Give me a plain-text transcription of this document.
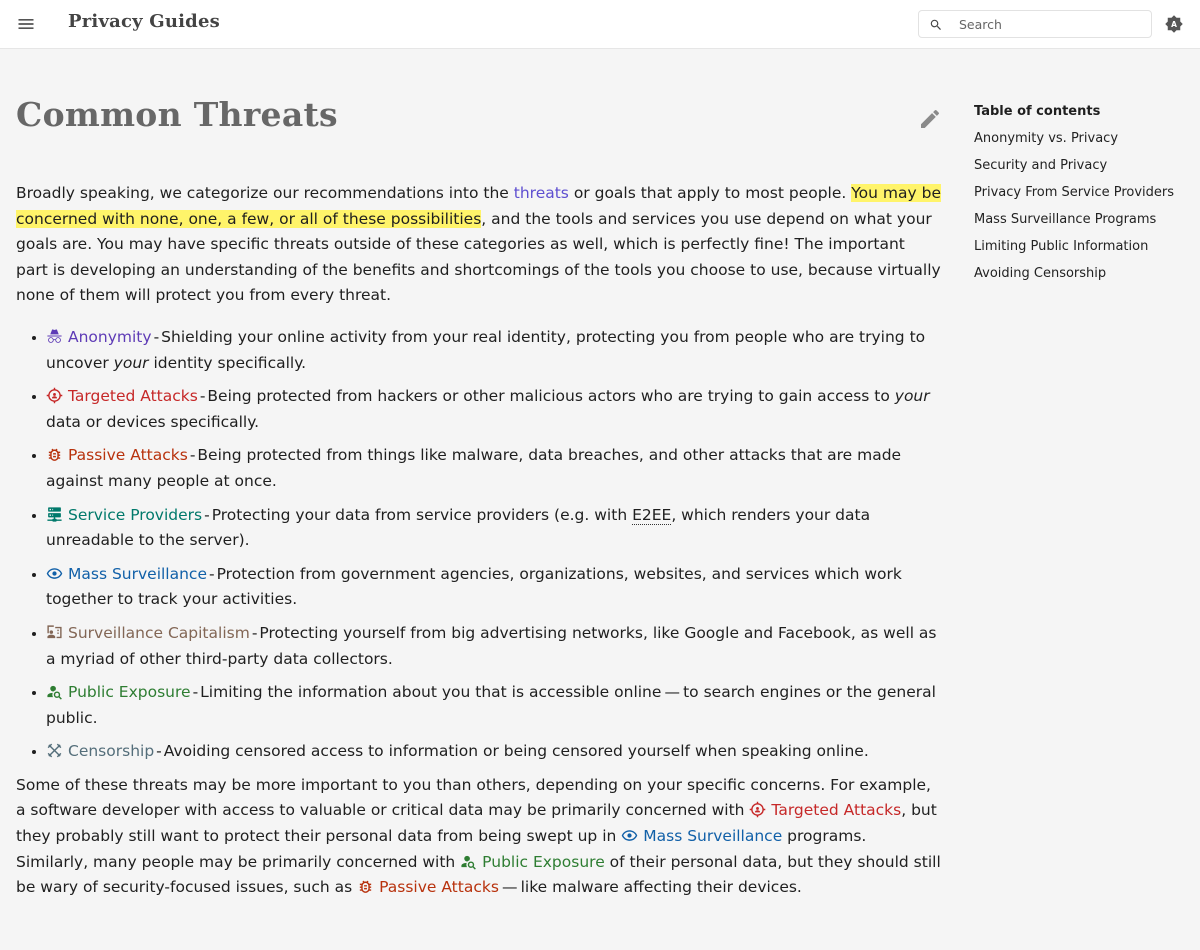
Privacy Guides
Search	A
Common Threats

Broadly speaking, we categorize our recommendations into the threats or goals that apply to most people. You may be concerned with none, one, a few, or all of these possibilities, and the tools and services you use depend on what your goals are. You may have specific threats outside of these categories as well, which is perfectly fine! The important part is developing an understanding of the benefits and shortcomings of the tools you choose to use, because virtually none of them will protect you from every threat.

Anonymity - Shielding your online activity from your real identity, protecting you from people who are trying to uncover your identity specifically.
Targeted Attacks - Being protected from hackers or other malicious actors who are trying to gain access to your data or devices specifically.
Passive Attacks - Being protected from things like malware, data breaches, and other attacks that are made against many people at once.
Service Providers - Protecting your data from service providers (e.g. with E2EE, which renders your data unreadable to the server).
Mass Surveillance - Protection from government agencies, organizations, websites, and services which work together to track your activities.
Surveillance Capitalism - Protecting yourself from big advertising networks, like Google and Facebook, as well as a myriad of other third-party data collectors.
Public Exposure - Limiting the information about you that is accessible online — to search engines or the general public.
Censorship - Avoiding censored access to information or being censored yourself when speaking online.

Some of these threats may be more important to you than others, depending on your specific concerns. For example, a software developer with access to valuable or critical data may be primarily concerned with
Targeted Attacks, but they probably still want to protect their personal data from being swept up in
Mass Surveillance programs. Similarly, many people may be primarily concerned with
Public Exposure of their personal data, but they should still be wary of security-focused issues, such as
Passive Attacks — like malware affecting their devices.

Table of contents
Anonymity vs. Privacy
Security and Privacy
Privacy From Service Providers
Mass Surveillance Programs
Limiting Public Information
Avoiding Censorship
